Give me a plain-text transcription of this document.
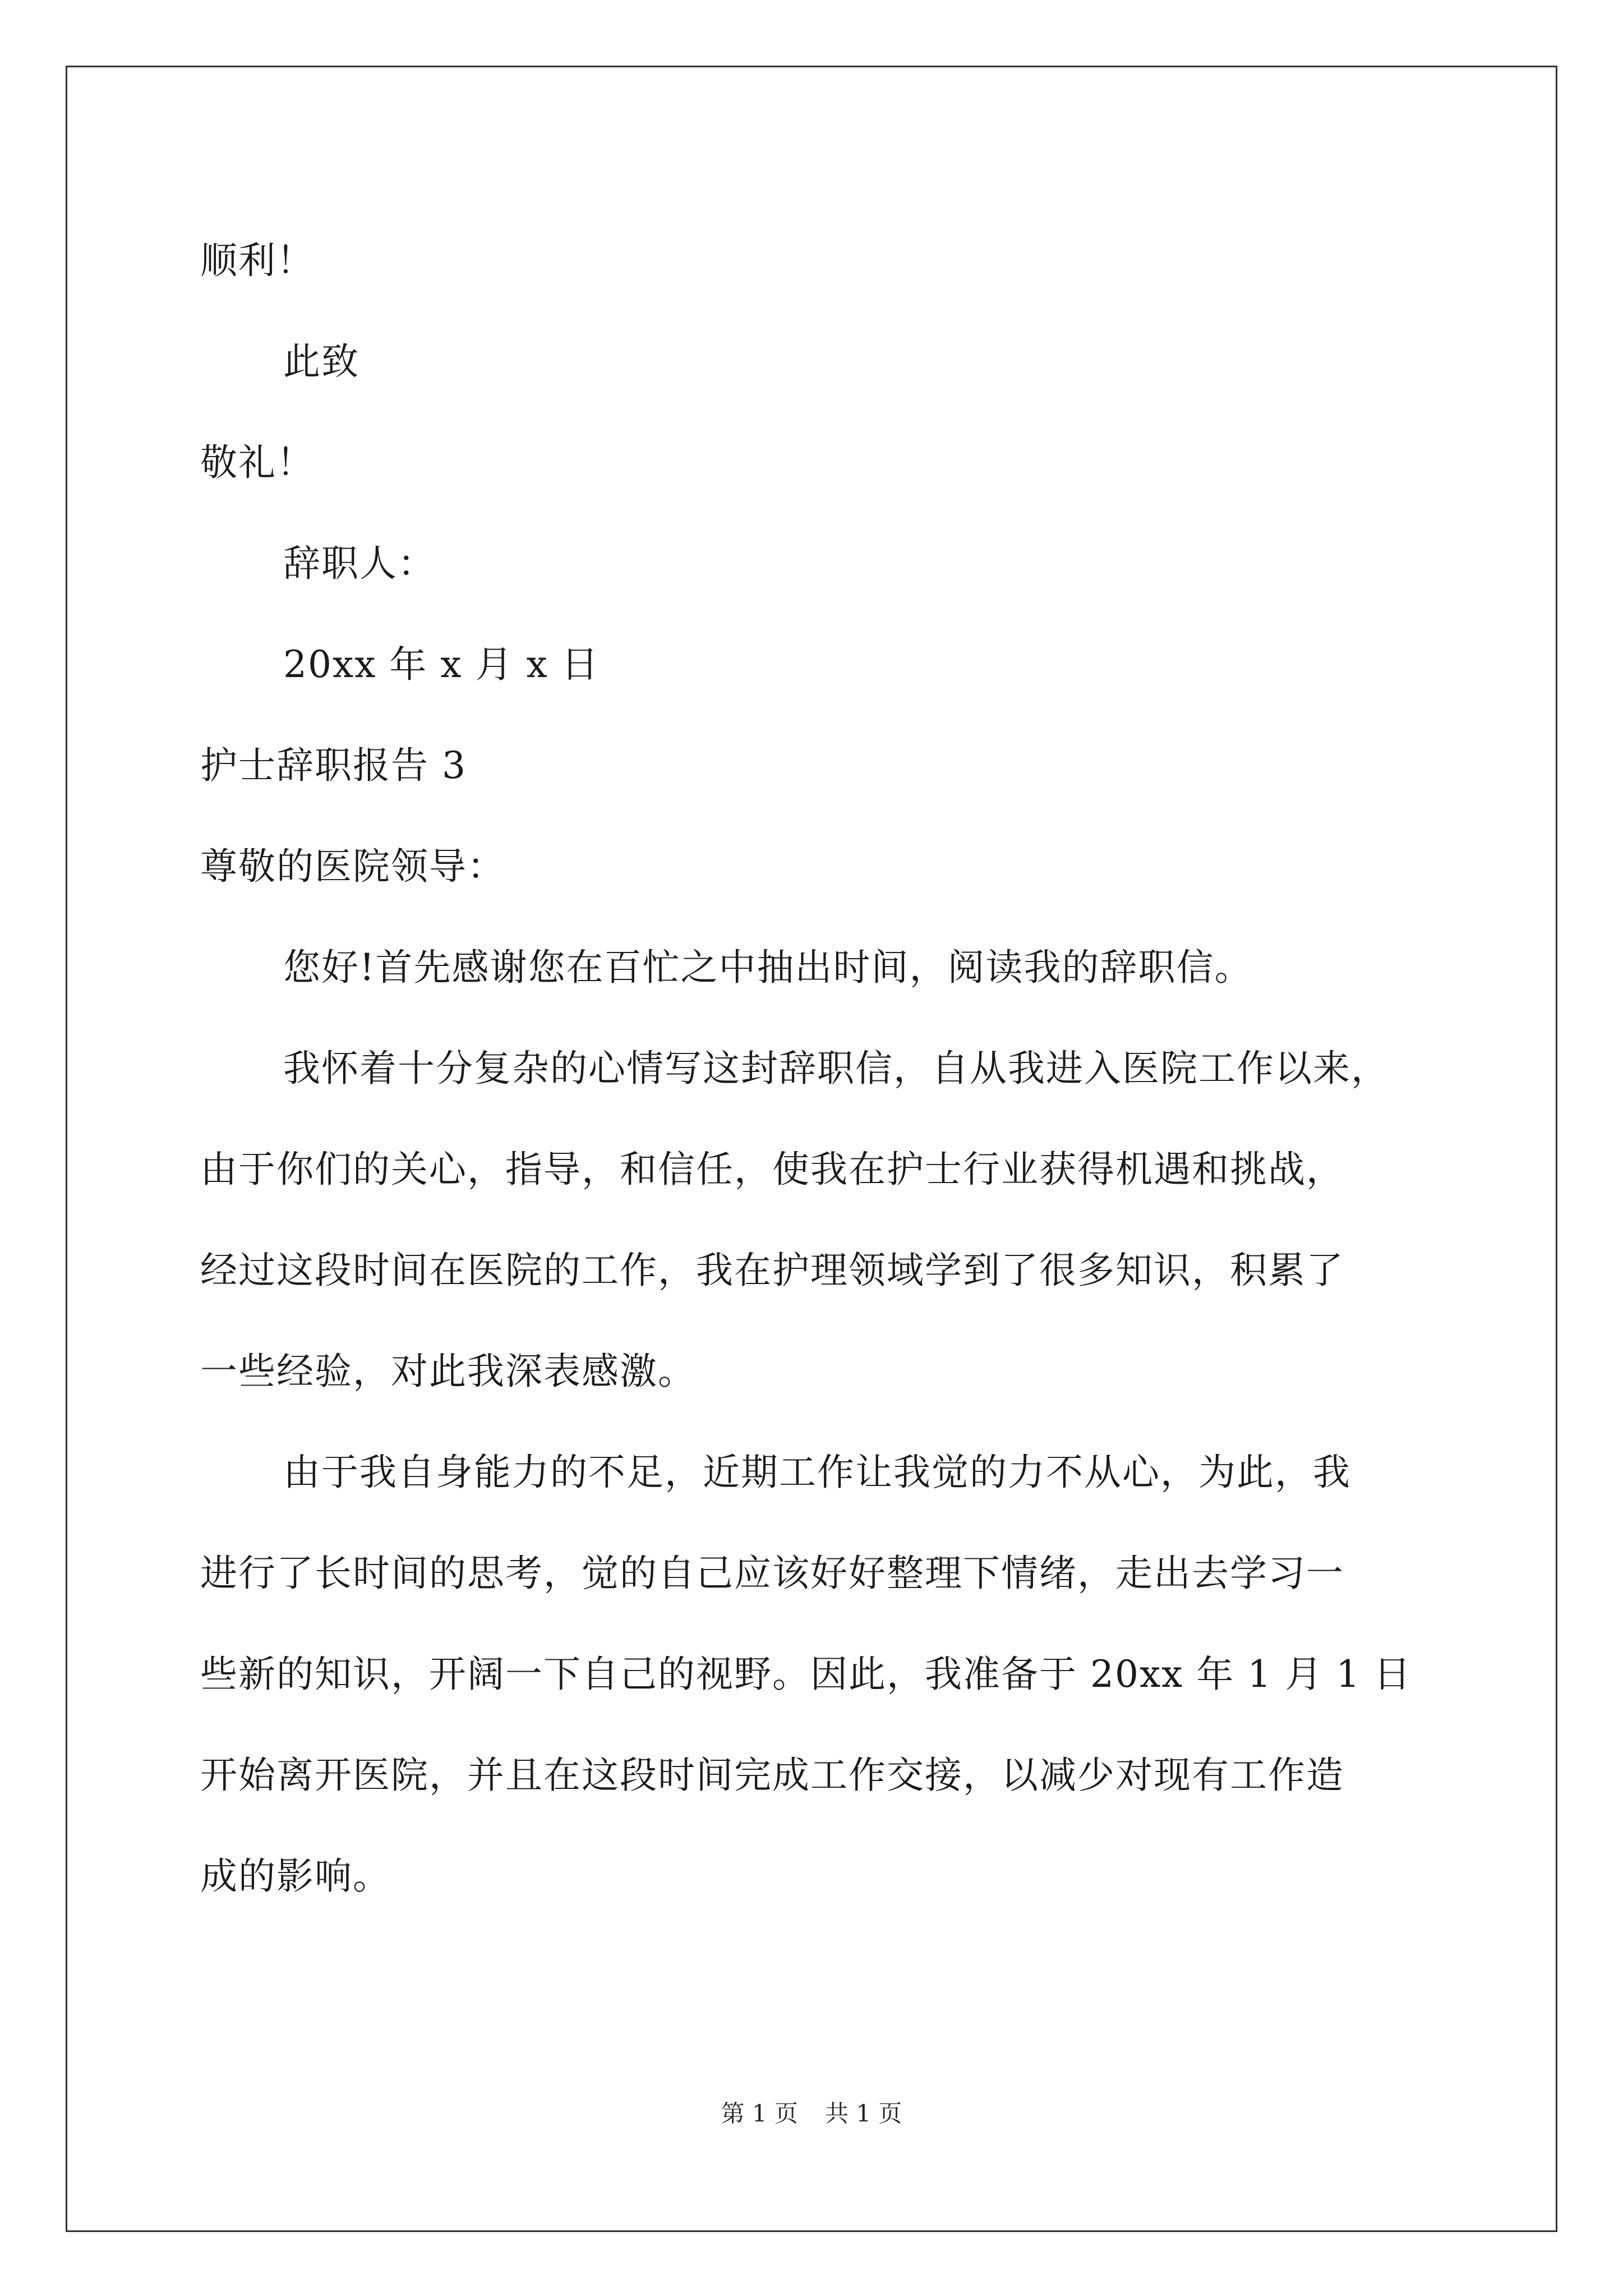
顺利！
此致
敬礼！
辞职人：
20xx 年 x 月 x 日
护士辞职报告 3
尊敬的医院领导：
您好!首先感谢您在百忙之中抽出时间，阅读我的辞职信。
我怀着十分复杂的心情写这封辞职信，自从我进入医院工作以来，
由于你们的关心，指导，和信任，使我在护士行业获得机遇和挑战，
经过这段时间在医院的工作，我在护理领域学到了很多知识，积累了
一些经验，对此我深表感激。
由于我自身能力的不足，近期工作让我觉的力不从心，为此，我
进行了长时间的思考，觉的自己应该好好整理下情绪，走出去学习一
些新的知识，开阔一下自己的视野。因此，我准备于 20xx 年 1 月 1 日
开始离开医院，并且在这段时间完成工作交接，以减少对现有工作造
成的影响。
第 1 页 共 1 页
